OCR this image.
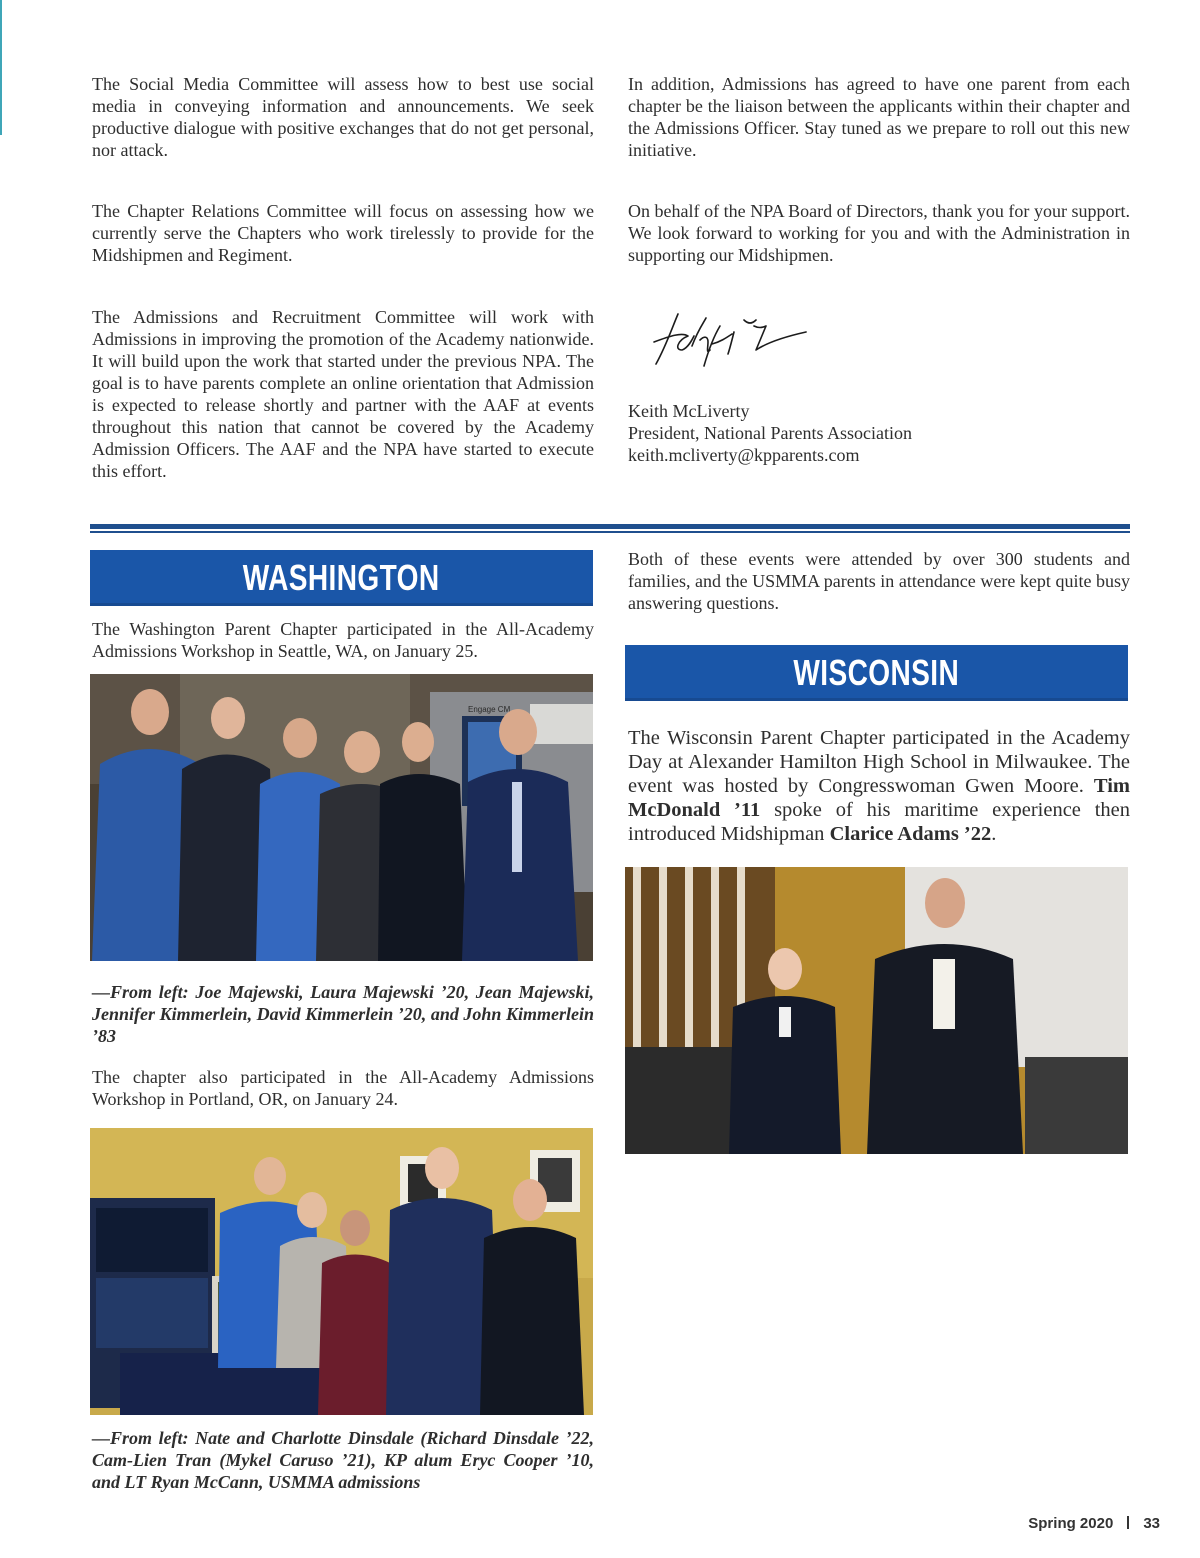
The Social Media Committee will assess how to best use social media in conveying information and announcements. We seek productive dialogue with positive exchanges that do not get personal, nor attack.

The Chapter Relations Committee will focus on assessing how we currently serve the Chapters who work tirelessly to provide for the Midshipmen and Regiment.

The Admissions and Recruitment Committee will work with Admissions in improving the promotion of the Academy nationwide. It will build upon the work that started under the previous NPA. The goal is to have parents complete an online orientation that Admission is expected to release shortly and partner with the AAF at events throughout this nation that cannot be covered by the Academy Admission Officers. The AAF and the NPA have started to execute this effort.

In addition, Admissions has agreed to have one parent from each chapter be the liaison between the applicants within their chapter and the Admissions Officer. Stay tuned as we prepare to roll out this new initiative.

On behalf of the NPA Board of Directors, thank you for your support. We look forward to working for you and with the Administration in supporting our Midshipmen.

Keith McLiverty
President, National Parents Association
keith.mcliverty@kpparents.com
WASHINGTON

The Washington Parent Chapter participated in the All-Academy Admissions Workshop in Seattle, WA, on January 25.

Engage CM

—From left: Joe Majewski, Laura Majewski ’20, Jean Majewski, Jennifer Kimmerlein, David Kimmerlein ’20, and John Kimmerlein ’83

The chapter also participated in the All-Academy Admissions Workshop in Portland, OR, on January 24.

—From left: Nate and Charlotte Dinsdale (Richard Dinsdale ’22, Cam-Lien Tran (Mykel Caruso ’21), KP alum Eryc Cooper ’10, and LT Ryan McCann, USMMA admissions

Both of these events were attended by over 300 students and families, and the USMMA parents in attendance were kept quite busy answering questions.

WISCONSIN

The Wisconsin Parent Chapter participated in the Academy Day at Alexander Hamilton High School in Milwaukee. The event was hosted by Congresswoman Gwen Moore. Tim McDonald ’11 spoke of his maritime experience then introduced Midshipman Clarice Adams ’22.

Spring 2020 33
